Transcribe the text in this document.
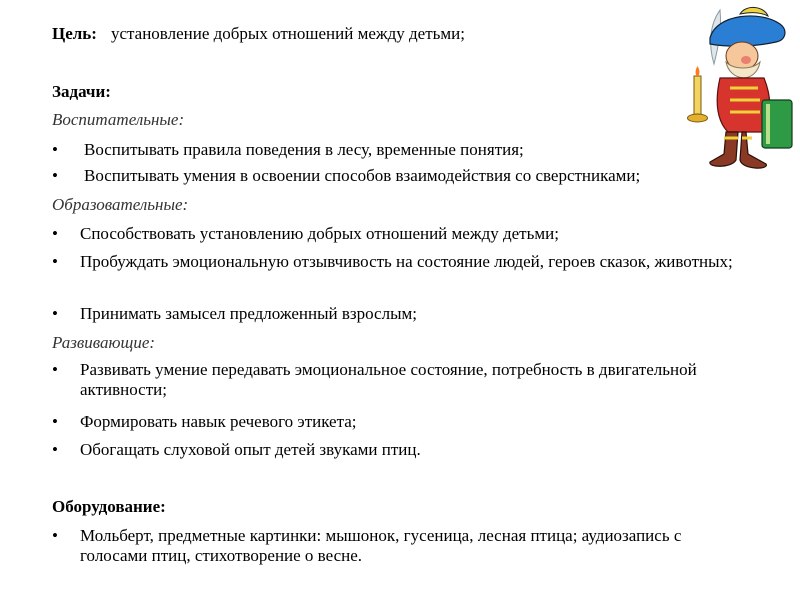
Цель: установление добрых отношений между детьми;
Задачи:
Воспитательные:
•	Воспитывать правила поведения в лесу, временные понятия;
•	Воспитывать умения в освоении способов взаимодействия со сверстниками;
Образовательные:
•	Способствовать установлению добрых отношений между детьми;
•	Пробуждать эмоциональную отзывчивость на состояние людей, героев сказок, животных;
•	Принимать замысел предложенный взрослым;
Развивающие:
•	Развивать умение передавать эмоциональное состояние, потребность в двигательной активности;
•	Формировать навык речевого этикета;
•	Обогащать слуховой опыт детей звуками птиц.
Оборудование:
•	Мольберт, предметные картинки: мышонок, гусеница, лесная птица; аудиозапись с голосами птиц, стихотворение о весне.
